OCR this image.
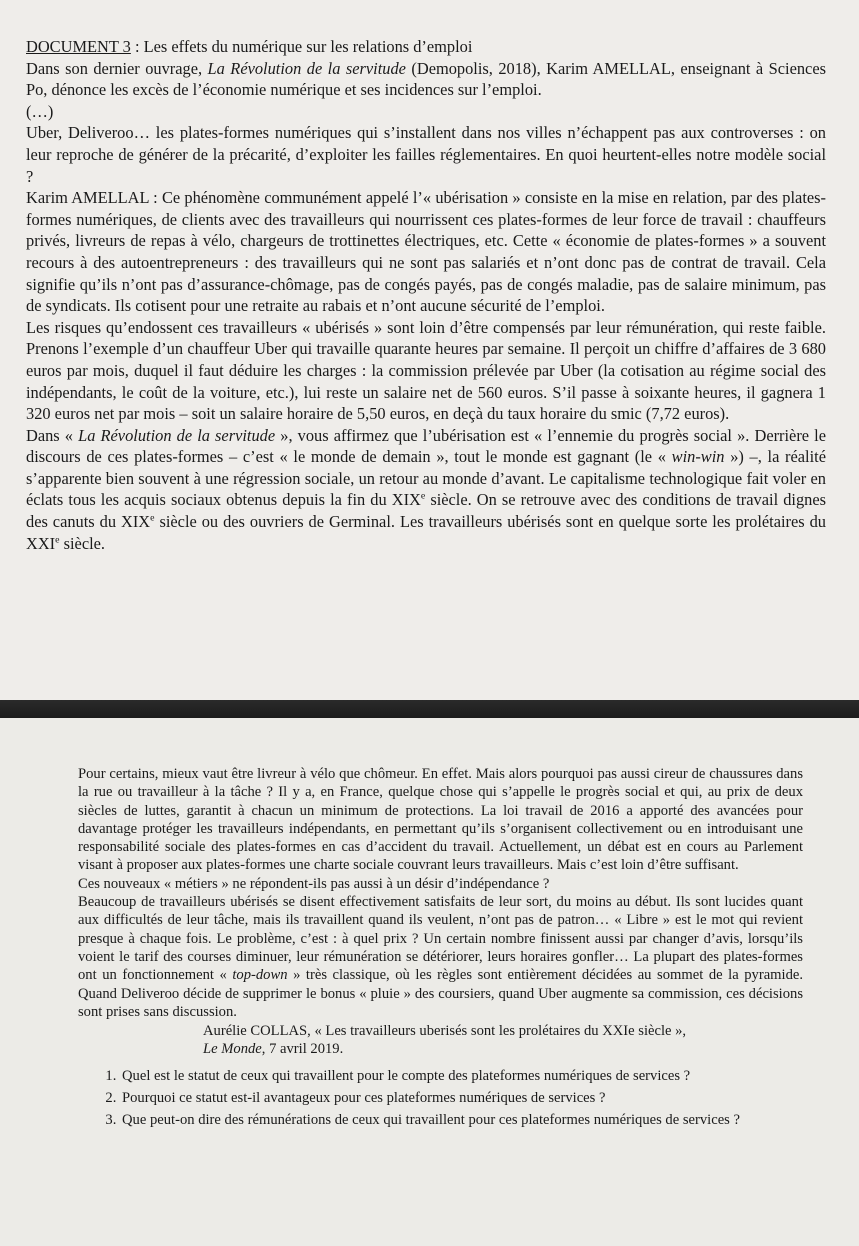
DOCUMENT 3 : Les effets du numérique sur les relations d’emploi

Dans son dernier ouvrage, La Révolution de la servitude (Demopolis, 2018), Karim AMELLAL, enseignant à Sciences Po, dénonce les excès de l’économie numérique et ses incidences sur l’emploi.

(…)

Uber, Deliveroo… les plates-formes numériques qui s’installent dans nos villes n’échappent pas aux controverses : on leur reproche de générer de la précarité, d’exploiter les failles réglementaires. En quoi heurtent-elles notre modèle social ?

Karim AMELLAL : Ce phénomène communément appelé l’« ubérisation » consiste en la mise en relation, par des plates-formes numériques, de clients avec des travailleurs qui nourrissent ces plates-formes de leur force de travail : chauffeurs privés, livreurs de repas à vélo, chargeurs de trottinettes électriques, etc. Cette « économie de plates-formes » a souvent recours à des autoentrepreneurs : des travailleurs qui ne sont pas salariés et n’ont donc pas de contrat de travail. Cela signifie qu’ils n’ont pas d’assurance-chômage, pas de congés payés, pas de congés maladie, pas de salaire minimum, pas de syndicats. Ils cotisent pour une retraite au rabais et n’ont aucune sécurité de l’emploi.

Les risques qu’endossent ces travailleurs « ubérisés » sont loin d’être compensés par leur rémunération, qui reste faible. Prenons l’exemple d’un chauffeur Uber qui travaille quarante heures par semaine. Il perçoit un chiffre d’affaires de 3 680 euros par mois, duquel il faut déduire les charges : la commission prélevée par Uber (la cotisation au régime social des indépendants, le coût de la voiture, etc.), lui reste un salaire net de 560 euros. S’il passe à soixante heures, il gagnera 1 320 euros net par mois – soit un salaire horaire de 5,50 euros, en deçà du taux horaire du smic (7,72 euros).

Dans « La Révolution de la servitude », vous affirmez que l’ubérisation est « l’ennemie du progrès social ». Derrière le discours de ces plates-formes – c’est « le monde de demain », tout le monde est gagnant (le « win-win ») –, la réalité s’apparente bien souvent à une régression sociale, un retour au monde d’avant. Le capitalisme technologique fait voler en éclats tous les acquis sociaux obtenus depuis la fin du XIXe siècle. On se retrouve avec des conditions de travail dignes des canuts du XIXe siècle ou des ouvriers de Germinal. Les travailleurs ubérisés sont en quelque sorte les prolétaires du XXIe siècle.

Pour certains, mieux vaut être livreur à vélo que chômeur. En effet. Mais alors pourquoi pas aussi cireur de chaussures dans la rue ou travailleur à la tâche ? Il y a, en France, quelque chose qui s’appelle le progrès social et qui, au prix de deux siècles de luttes, garantit à chacun un minimum de protections. La loi travail de 2016 a apporté des avancées pour davantage protéger les travailleurs indépendants, en permettant qu’ils s’organisent collectivement ou en introduisant une responsabilité sociale des plates-formes en cas d’accident du travail. Actuellement, un débat est en cours au Parlement visant à proposer aux plates-formes une charte sociale couvrant leurs travailleurs. Mais c’est loin d’être suffisant.

Ces nouveaux « métiers » ne répondent-ils pas aussi à un désir d’indépendance ?

Beaucoup de travailleurs ubérisés se disent effectivement satisfaits de leur sort, du moins au début. Ils sont lucides quant aux difficultés de leur tâche, mais ils travaillent quand ils veulent, n’ont pas de patron… « Libre » est le mot qui revient presque à chaque fois. Le problème, c’est : à quel prix ? Un certain nombre finissent aussi par changer d’avis, lorsqu’ils voient le tarif des courses diminuer, leur rémunération se détériorer, leurs horaires gonfler… La plupart des plates-formes ont un fonctionnement « top-down » très classique, où les règles sont entièrement décidées au sommet de la pyramide. Quand Deliveroo décide de supprimer le bonus « pluie » des coursiers, quand Uber augmente sa commission, ces décisions sont prises sans discussion.

Aurélie COLLAS, « Les travailleurs uberisés sont les prolétaires du XXIe siècle »,
Le Monde, 7 avril 2019.

1. Quel est le statut de ceux qui travaillent pour le compte des plateformes numériques de services ?
2. Pourquoi ce statut est-il avantageux pour ces plateformes numériques de services ?
3. Que peut-on dire des rémunérations de ceux qui travaillent pour ces plateformes numériques de services ?
